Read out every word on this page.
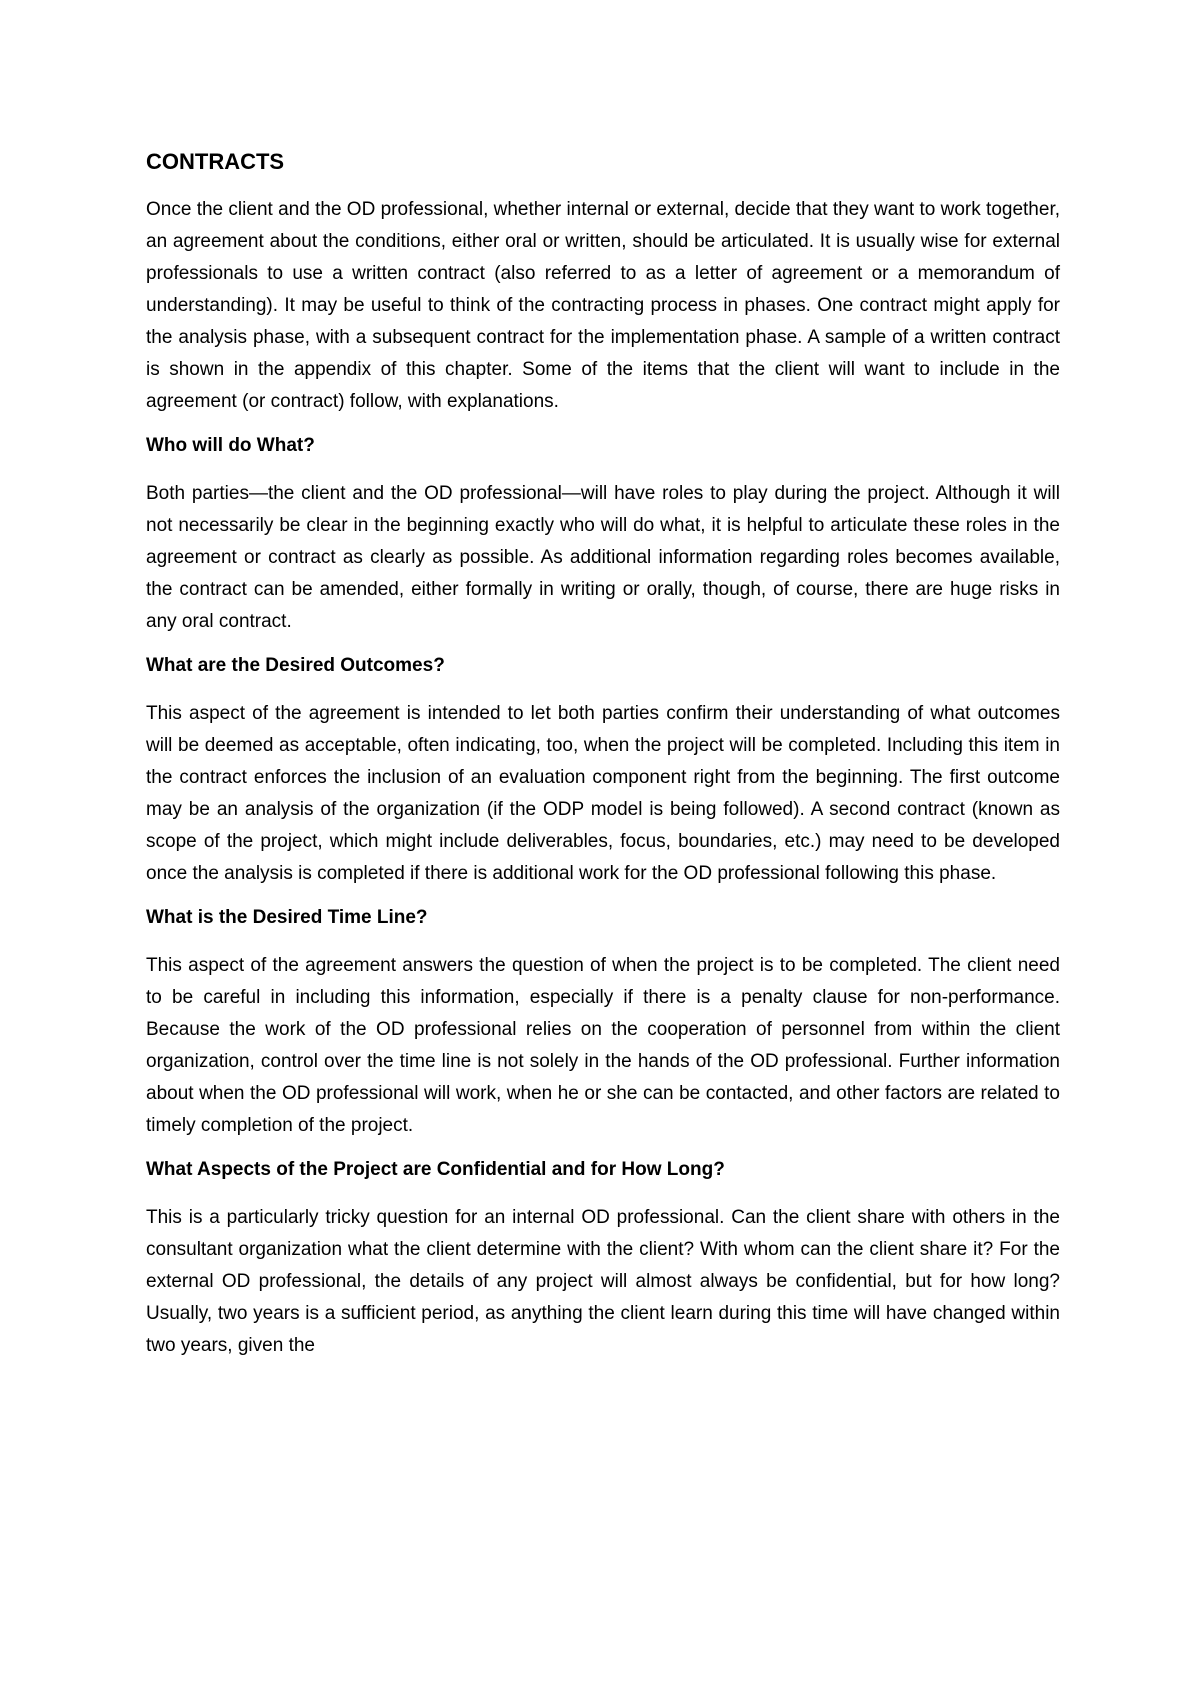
CONTRACTS

Once the client and the OD professional, whether internal or external, decide that they want to work together, an agreement about the conditions, either oral or written, should be articulated. It is usually wise for external professionals to use a written contract (also referred to as a letter of agreement or a memorandum of understanding). It may be useful to think of the contracting process in phases. One contract might apply for the analysis phase, with a subsequent contract for the implementation phase. A sample of a written contract is shown in the appendix of this chapter. Some of the items that the client will want to include in the agreement (or contract) follow, with explanations.

Who will do What?

Both parties—the client and the OD professional—will have roles to play during the project. Although it will not necessarily be clear in the beginning exactly who will do what, it is helpful to articulate these roles in the agreement or contract as clearly as possible. As additional information regarding roles becomes available, the contract can be amended, either formally in writing or orally, though, of course, there are huge risks in any oral contract.

What are the Desired Outcomes?

This aspect of the agreement is intended to let both parties confirm their understanding of what outcomes will be deemed as acceptable, often indicating, too, when the project will be completed. Including this item in the contract enforces the inclusion of an evaluation component right from the beginning. The first outcome may be an analysis of the organization (if the ODP model is being followed). A second contract (known as scope of the project, which might include deliverables, focus, boundaries, etc.) may need to be developed once the analysis is completed if there is additional work for the OD professional following this phase.

What is the Desired Time Line?

This aspect of the agreement answers the question of when the project is to be completed. The client need to be careful in including this information, especially if there is a penalty clause for non-performance. Because the work of the OD professional relies on the cooperation of personnel from within the client organization, control over the time line is not solely in the hands of the OD professional. Further information about when the OD professional will work, when he or she can be contacted, and other factors are related to timely completion of the project.

What Aspects of the Project are Confidential and for How Long?

This is a particularly tricky question for an internal OD professional. Can the client share with others in the consultant organization what the client determine with the client? With whom can the client share it? For the external OD professional, the details of any project will almost always be confidential, but for how long? Usually, two years is a sufficient period, as anything the client learn during this time will have changed within two years, given the
